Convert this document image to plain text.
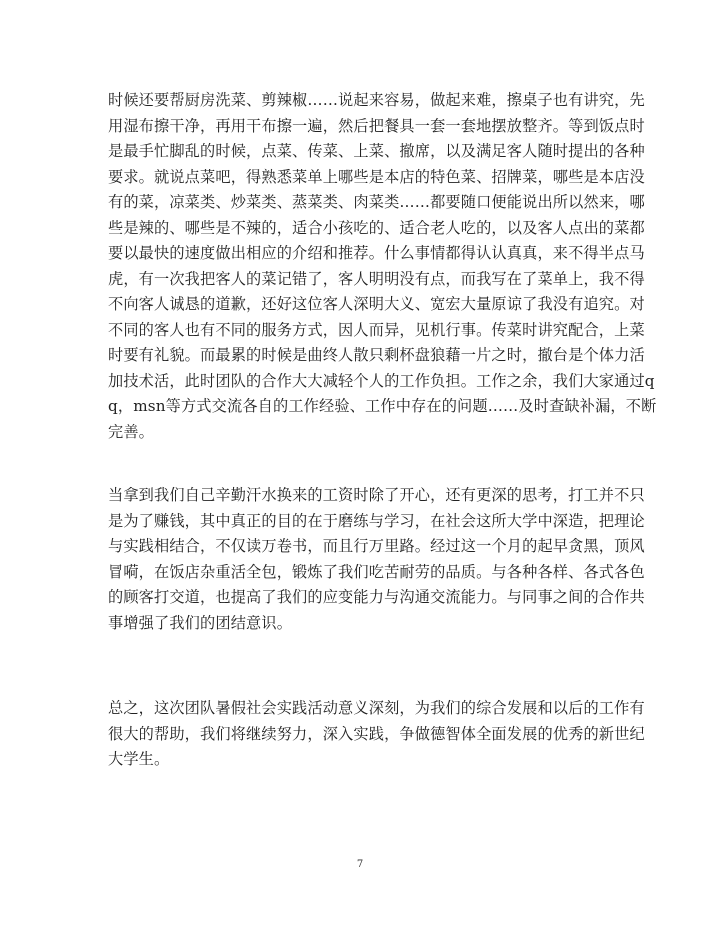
时候还要帮厨房洗菜、剪辣椒……说起来容易，做起来难，擦桌子也有讲究，先
用湿布擦干净，再用干布擦一遍，然后把餐具一套一套地摆放整齐。等到饭点时
是最手忙脚乱的时候，点菜、传菜、上菜、撤席，以及满足客人随时提出的各种
要求。就说点菜吧，得熟悉菜单上哪些是本店的特色菜、招牌菜，哪些是本店没
有的菜，凉菜类、炒菜类、蒸菜类、肉菜类……都要随口便能说出所以然来，哪
些是辣的、哪些是不辣的，适合小孩吃的、适合老人吃的，以及客人点出的菜都
要以最快的速度做出相应的介绍和推荐。什么事情都得认认真真，来不得半点马
虎，有一次我把客人的菜记错了，客人明明没有点，而我写在了菜单上，我不得
不向客人诚恳的道歉，还好这位客人深明大义、宽宏大量原谅了我没有追究。对
不同的客人也有不同的服务方式，因人而异，见机行事。传菜时讲究配合，上菜
时要有礼貌。而最累的时候是曲终人散只剩杯盘狼藉一片之时，撤台是个体力活
加技术活，此时团队的合作大大减轻个人的工作负担。工作之余，我们大家通过q
q，msn等方式交流各自的工作经验、工作中存在的问题……及时查缺补漏，不断
完善。
当拿到我们自己辛勤汗水换来的工资时除了开心，还有更深的思考，打工并不只
是为了赚钱，其中真正的目的在于磨练与学习，在社会这所大学中深造，把理论
与实践相结合，不仅读万卷书，而且行万里路。经过这一个月的起早贪黑，顶风
冒嗬，在饭店杂重活全包，锻炼了我们吃苦耐劳的品质。与各种各样、各式各色
的顾客打交道，也提高了我们的应变能力与沟通交流能力。与同事之间的合作共
事增强了我们的团结意识。
总之，这次团队暑假社会实践活动意义深刻，为我们的综合发展和以后的工作有
很大的帮助，我们将继续努力，深入实践，争做德智体全面发展的优秀的新世纪
大学生。
7
